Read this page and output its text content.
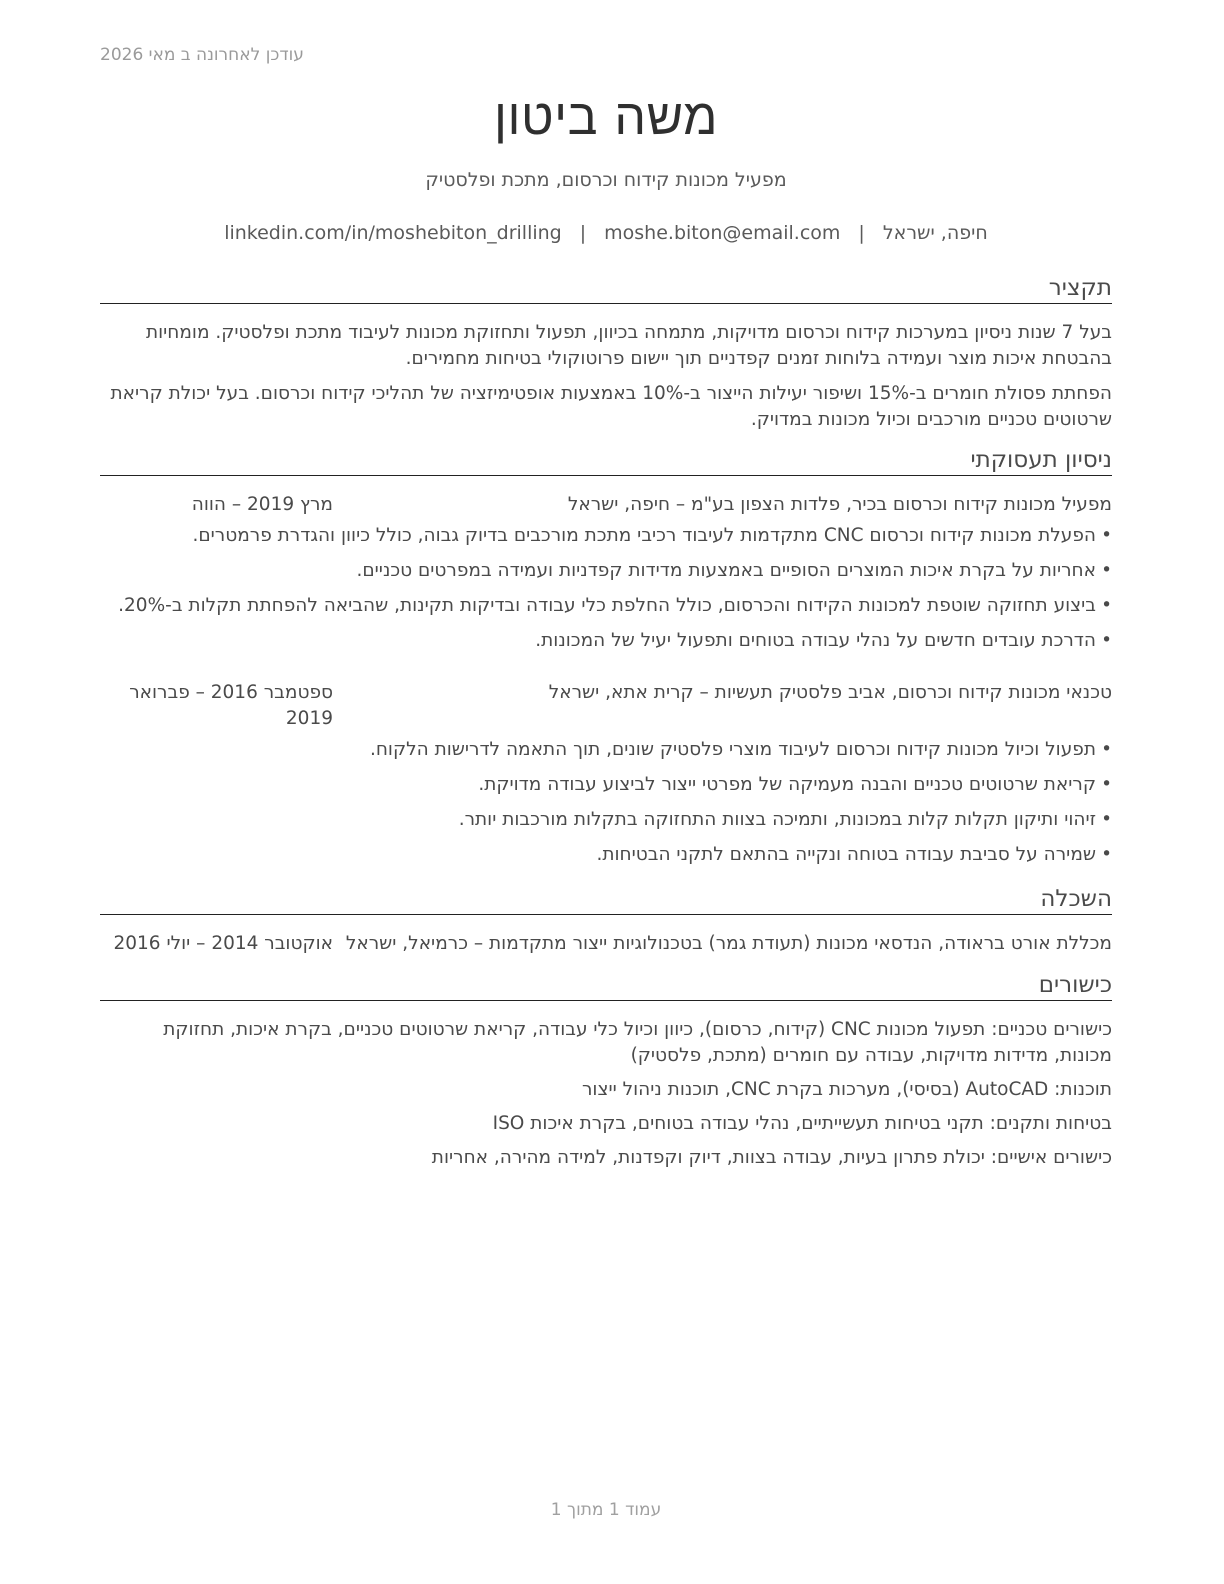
עודכן לאחרונה ב מאי 2026
משה ביטון
מפעיל מכונות קידוח וכרסום, מתכת ופלסטיק
חיפה, ישראל|moshe.biton@email.com|linkedin.com/in/moshebiton_drilling
תקציר
בעל 7 שנות ניסיון במערכות קידוח וכרסום מדויקות, מתמחה בכיוון, תפעול ותחזוקת מכונות לעיבוד מתכת ופלסטיק. מומחיות בהבטחת איכות מוצר ועמידה בלוחות זמנים קפדניים תוך יישום פרוטוקולי בטיחות מחמירים.
הפחתת פסולת חומרים ב-15% ושיפור יעילות הייצור ב-10% באמצעות אופטימיזציה של תהליכי קידוח וכרסום. בעל יכולת קריאת שרטוטים טכניים מורכבים וכיול מכונות במדויק.
ניסיון תעסוקתי
מפעיל מכונות קידוח וכרסום בכיר, פלדות הצפון בע"מ – חיפה, ישראל
מרץ 2019 – הווה
• הפעלת מכונות קידוח וכרסום CNC מתקדמות לעיבוד רכיבי מתכת מורכבים בדיוק גבוה, כולל כיוון והגדרת פרמטרים.
• אחריות על בקרת איכות המוצרים הסופיים באמצעות מדידות קפדניות ועמידה במפרטים טכניים.
• ביצוע תחזוקה שוטפת למכונות הקידוח והכרסום, כולל החלפת כלי עבודה ובדיקות תקינות, שהביאה להפחתת תקלות ב-20%.
• הדרכת עובדים חדשים על נהלי עבודה בטוחים ותפעול יעיל של המכונות.
טכנאי מכונות קידוח וכרסום, אביב פלסטיק תעשיות – קרית אתא, ישראל
ספטמבר 2016 – פברואר 2019
• תפעול וכיול מכונות קידוח וכרסום לעיבוד מוצרי פלסטיק שונים, תוך התאמה לדרישות הלקוח.
• קריאת שרטוטים טכניים והבנה מעמיקה של מפרטי ייצור לביצוע עבודה מדויקת.
• זיהוי ותיקון תקלות קלות במכונות, ותמיכה בצוות התחזוקה בתקלות מורכבות יותר.
• שמירה על סביבת עבודה בטוחה ונקייה בהתאם לתקני הבטיחות.
השכלה
מכללת אורט בראודה, הנדסאי מכונות (תעודת גמר) בטכנולוגיות ייצור מתקדמות – כרמיאל, ישראל
אוקטובר 2014 – יולי 2016
כישורים
כישורים טכניים: תפעול מכונות CNC (קידוח, כרסום), כיוון וכיול כלי עבודה, קריאת שרטוטים טכניים, בקרת איכות, תחזוקת מכונות, מדידות מדויקות, עבודה עם חומרים (מתכת, פלסטיק)
תוכנות: AutoCAD (בסיסי), מערכות בקרת CNC, תוכנות ניהול ייצור
בטיחות ותקנים: תקני בטיחות תעשייתיים, נהלי עבודה בטוחים, בקרת איכות ISO
כישורים אישיים: יכולת פתרון בעיות, עבודה בצוות, דיוק וקפדנות, למידה מהירה, אחריות
עמוד 1 מתוך 1
